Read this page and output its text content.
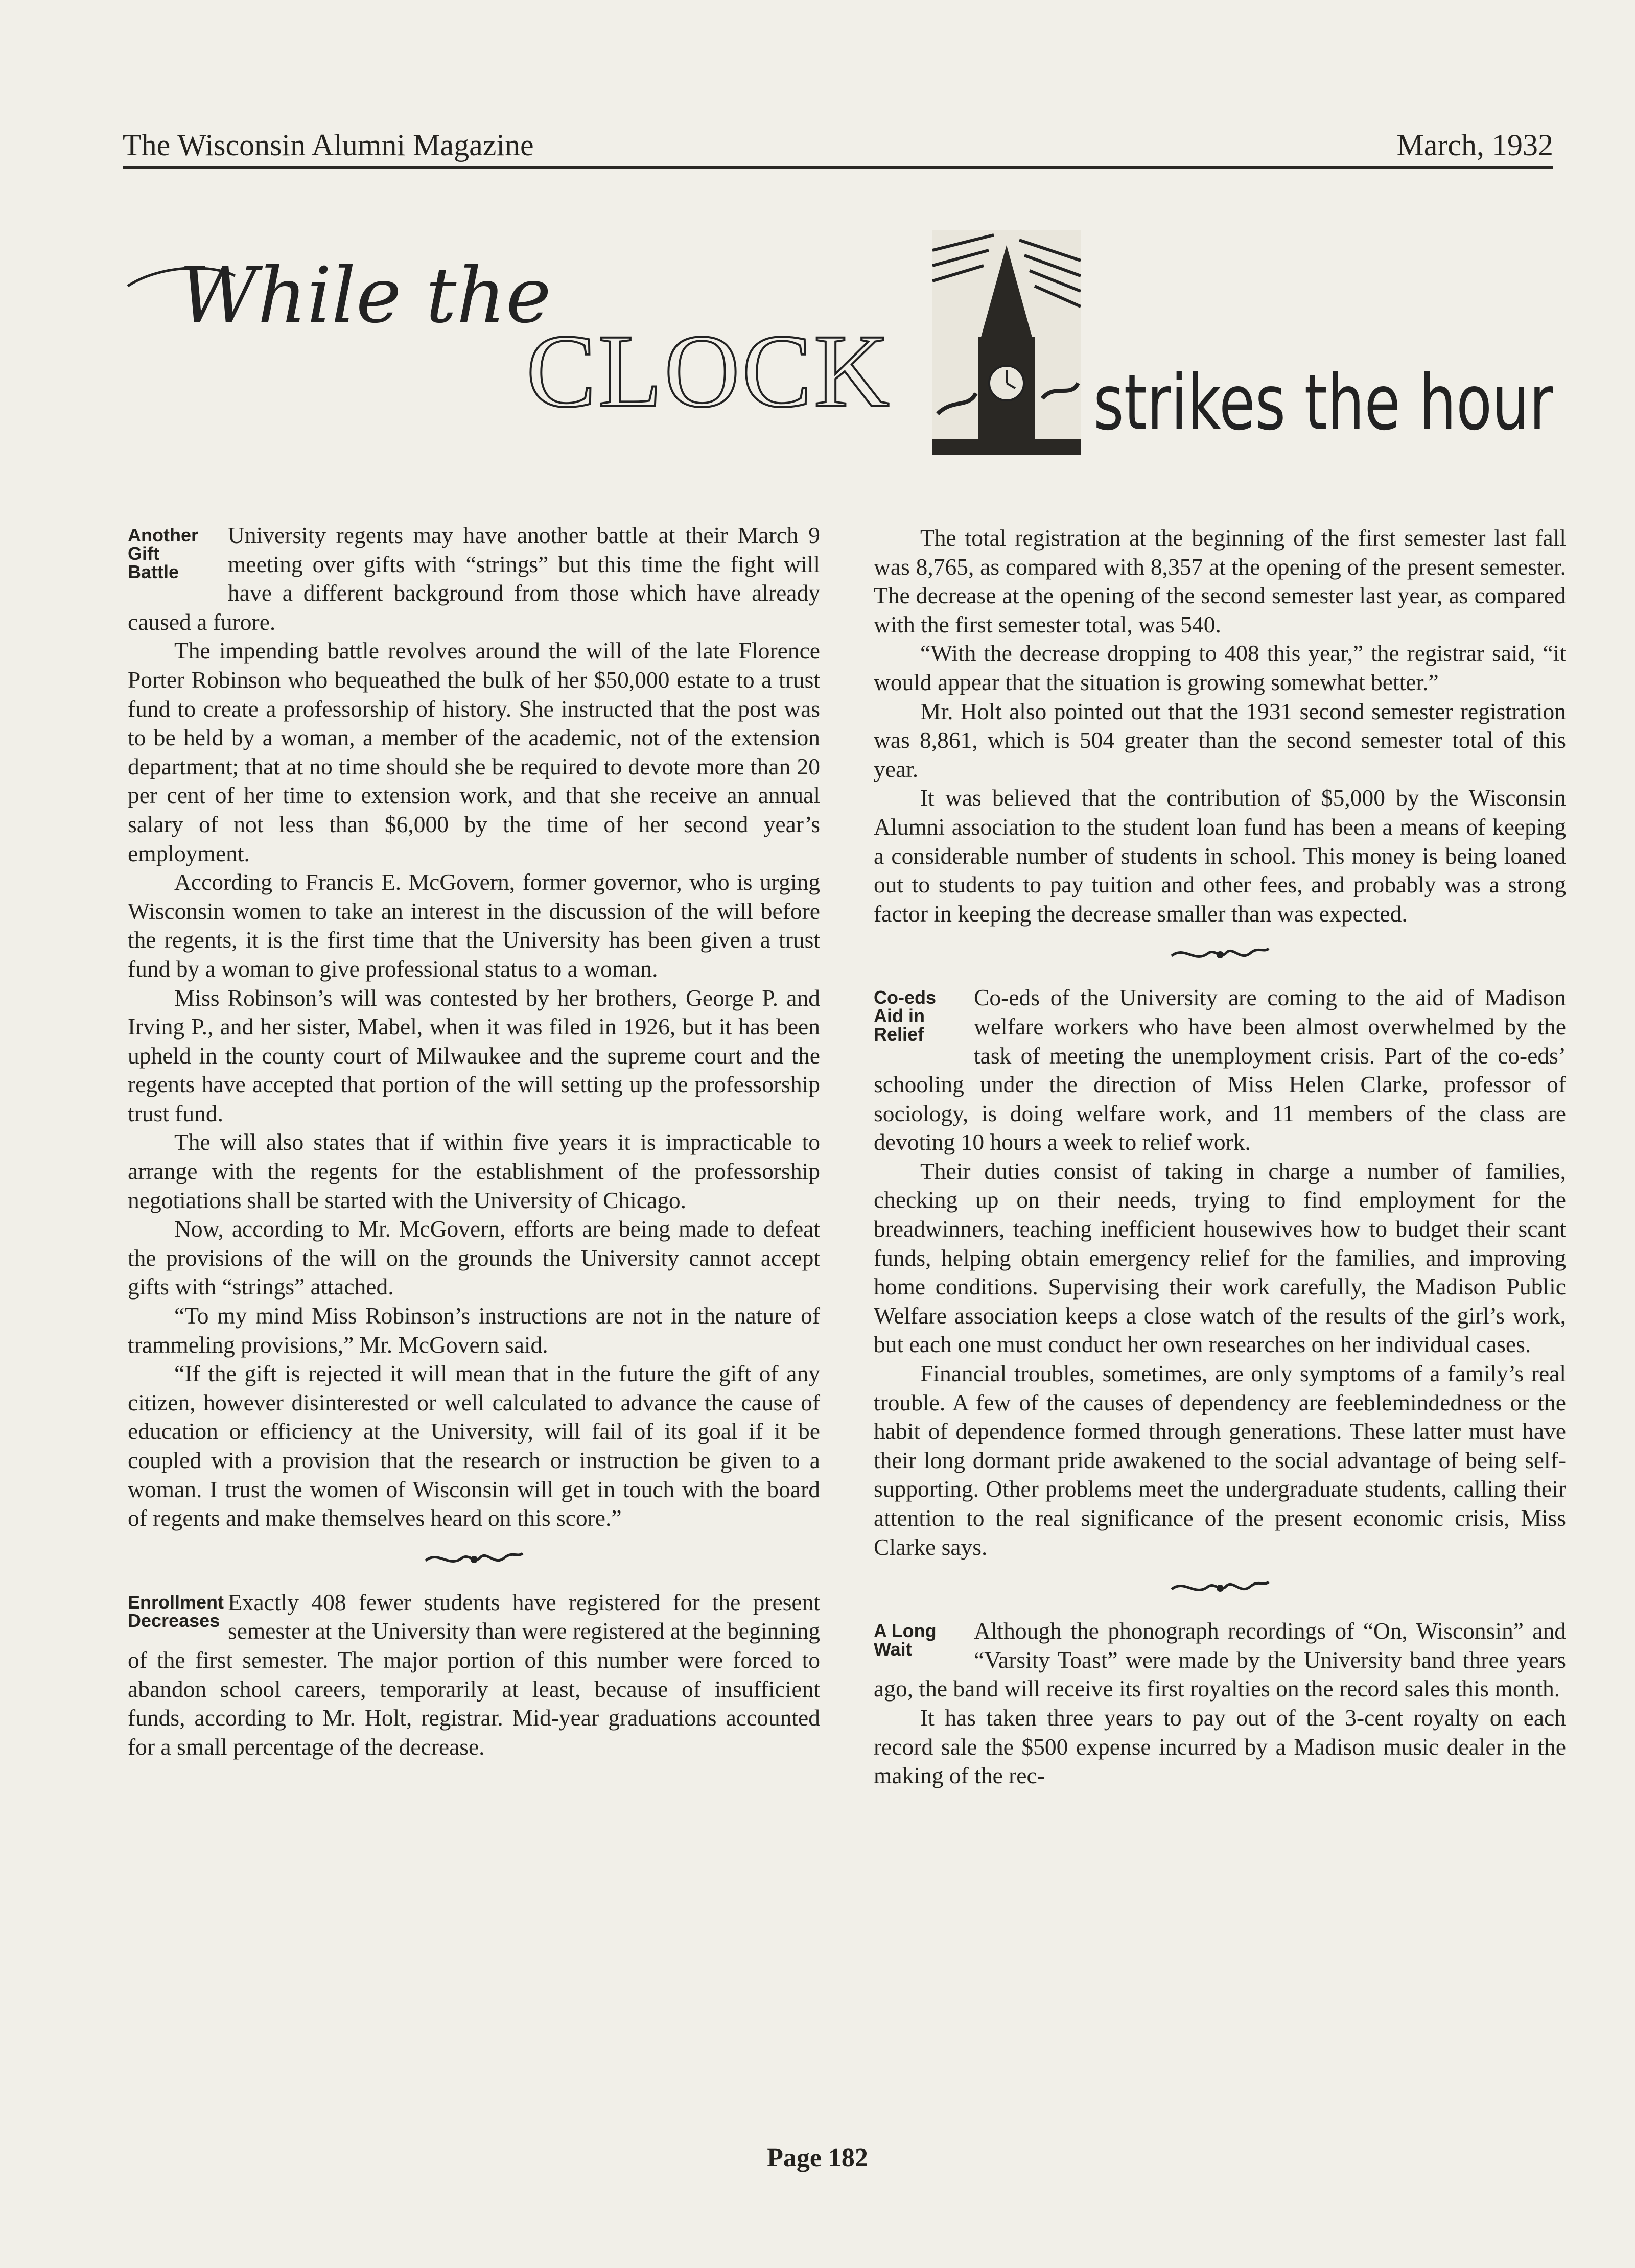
The Wisconsin Alumni Magazine	March, 1932
While the
CLOCK	strikes the hour
Another
Gift
Battle

University regents may have another battle at their March 9 meeting over gifts with “strings” but this time the fight will have a different background from those which have already caused a furore.

The impending battle revolves around the will of the late Florence Porter Robinson who bequeathed the bulk of her $50,000 estate to a trust fund to create a professorship of history. She instructed that the post was to be held by a woman, a member of the academic, not of the extension department; that at no time should she be required to devote more than 20 per cent of her time to extension work, and that she receive an annual salary of not less than $6,000 by the time of her second year’s employment.

According to Francis E. McGovern, former governor, who is urging Wisconsin women to take an interest in the discussion of the will before the regents, it is the first time that the University has been given a trust fund by a woman to give professional status to a woman.

Miss Robinson’s will was contested by her brothers, George P. and Irving P., and her sister, Mabel, when it was filed in 1926, but it has been upheld in the county court of Milwaukee and the supreme court and the regents have accepted that portion of the will setting up the professorship trust fund.

The will also states that if within five years it is impracticable to arrange with the regents for the establishment of the professorship negotiations shall be started with the University of Chicago.

Now, according to Mr. McGovern, efforts are being made to defeat the provisions of the will on the grounds the University cannot accept gifts with “strings” attached.

“To my mind Miss Robinson’s instructions are not in the nature of trammeling provisions,” Mr. McGovern said.

“If the gift is rejected it will mean that in the future the gift of any citizen, however disinterested or well calculated to advance the cause of education or efficiency at the University, will fail of its goal if it be coupled with a provision that the research or instruction be given to a woman. I trust the women of Wisconsin will get in touch with the board of regents and make themselves heard on this score.”

Enrollment
Decreases

Exactly 408 fewer students have registered for the present semester at the University than were registered at the beginning of the first semester. The major portion of this number were forced to abandon school careers, temporarily at least, because of insufficient funds, according to Mr. Holt, registrar. Mid-year graduations accounted for a small percentage of the decrease.

The total registration at the beginning of the first semester last fall was 8,765, as compared with 8,357 at the opening of the present semester. The decrease at the opening of the second semester last year, as compared with the first semester total, was 540.

“With the decrease dropping to 408 this year,” the registrar said, “it would appear that the situation is growing somewhat better.”

Mr. Holt also pointed out that the 1931 second semester registration was 8,861, which is 504 greater than the second semester total of this year.

It was believed that the contribution of $5,000 by the Wisconsin Alumni association to the student loan fund has been a means of keeping a considerable number of students in school. This money is being loaned out to students to pay tuition and other fees, and probably was a strong factor in keeping the decrease smaller than was expected.

Co-eds
Aid in
Relief

Co-eds of the University are coming to the aid of Madison welfare workers who have been almost overwhelmed by the task of meeting the unemployment crisis. Part of the co-eds’ schooling under the direction of Miss Helen Clarke, professor of sociology, is doing welfare work, and 11 members of the class are devoting 10 hours a week to relief work.

Their duties consist of taking in charge a number of families, checking up on their needs, trying to find employment for the breadwinners, teaching inefficient housewives how to budget their scant funds, helping obtain emergency relief for the families, and improving home conditions. Supervising their work carefully, the Madison Public Welfare association keeps a close watch of the results of the girl’s work, but each one must conduct her own researches on her individual cases.

Financial troubles, sometimes, are only symptoms of a family’s real trouble. A few of the causes of dependency are feeblemindedness or the habit of dependence formed through generations. These latter must have their long dormant pride awakened to the social advantage of being self-supporting. Other problems meet the undergraduate students, calling their attention to the real significance of the present economic crisis, Miss Clarke says.

A Long
Wait

Although the phonograph recordings of “On, Wisconsin” and “Varsity Toast” were made by the University band three years ago, the band will receive its first royalties on the record sales this month.

It has taken three years to pay out of the 3-cent royalty on each record sale the $500 expense incurred by a Madison music dealer in the making of the rec-

Page 182
